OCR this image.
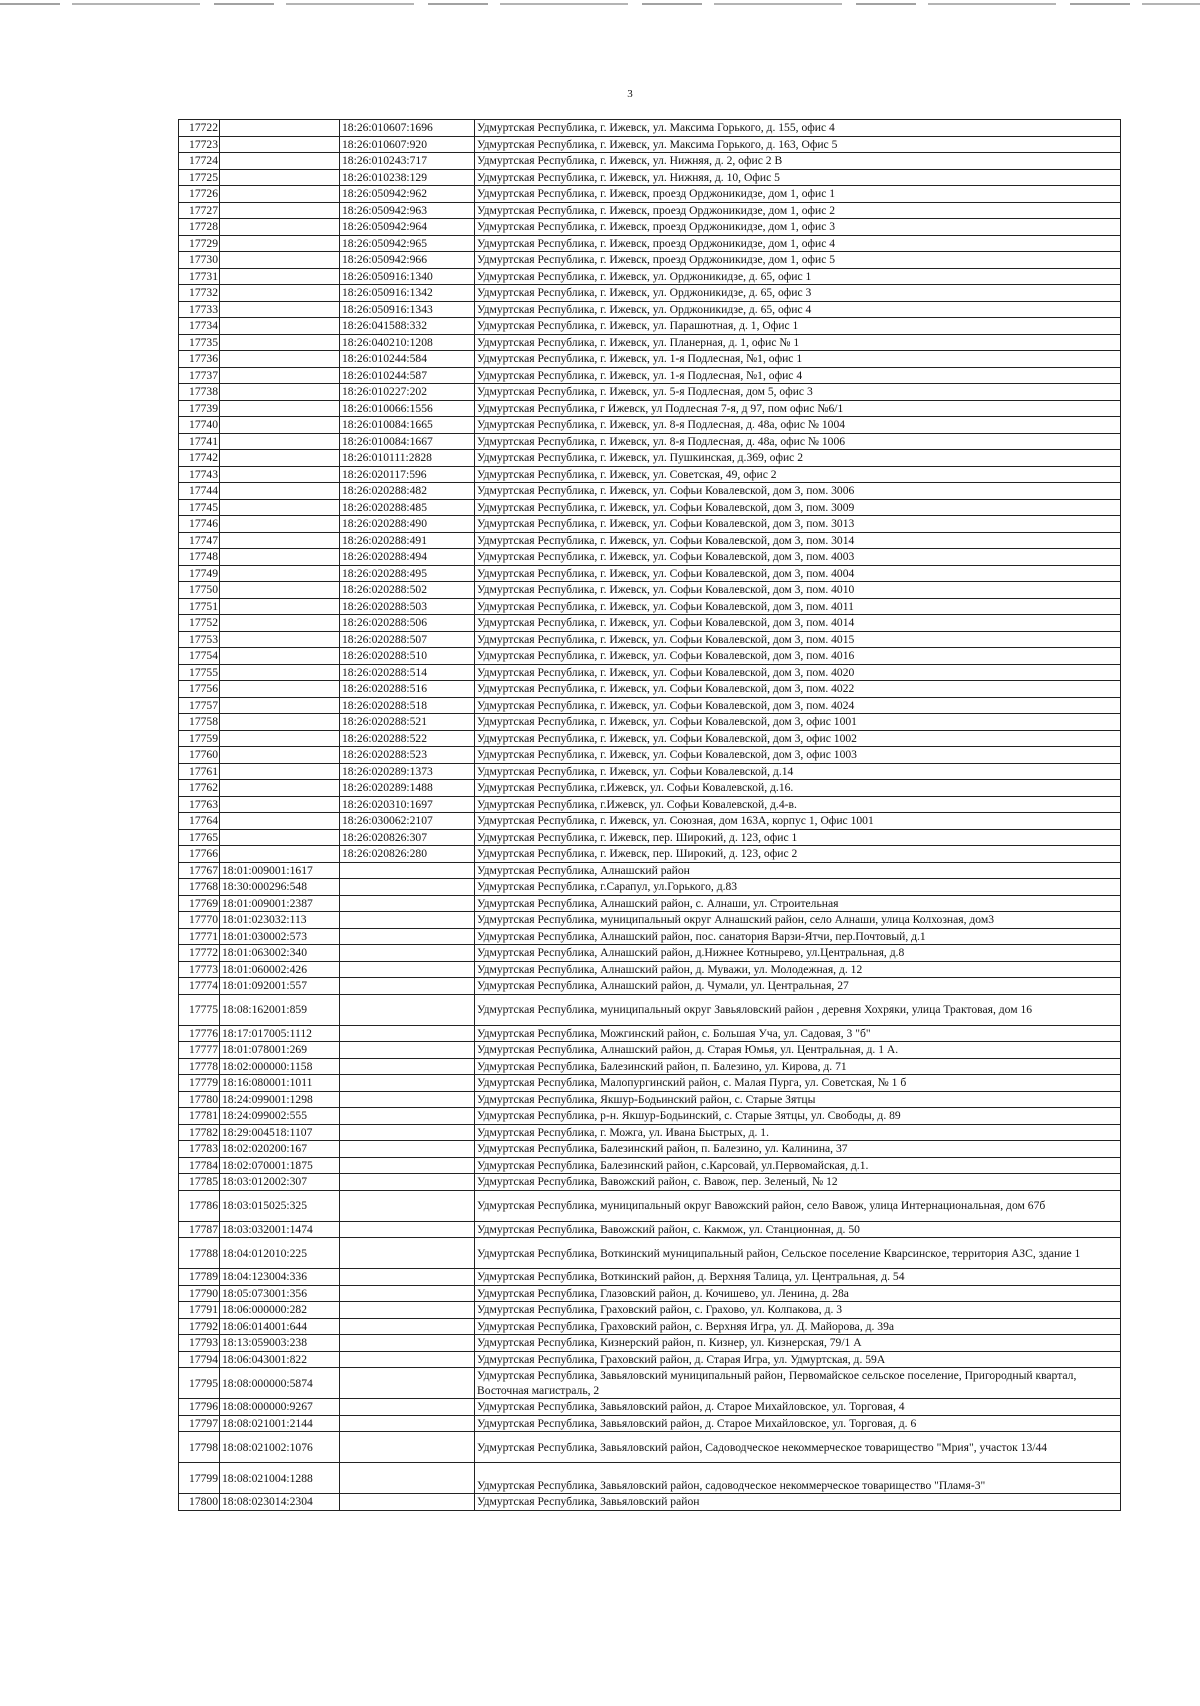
3
17722		18:26:010607:1696	Удмуртская Республика, г. Ижевск, ул. Максима Горького, д. 155, офис 4
17723		18:26:010607:920	Удмуртская Республика, г. Ижевск, ул. Максима Горького, д. 163, Офис 5
17724		18:26:010243:717	Удмуртская Республика, г. Ижевск, ул. Нижняя, д. 2, офис 2 В
17725		18:26:010238:129	Удмуртская Республика, г. Ижевск, ул. Нижняя, д. 10, Офис 5
17726		18:26:050942:962	Удмуртская Республика, г. Ижевск, проезд Орджоникидзе, дом 1, офис 1
17727		18:26:050942:963	Удмуртская Республика, г. Ижевск, проезд Орджоникидзе, дом 1, офис 2
17728		18:26:050942:964	Удмуртская Республика, г. Ижевск, проезд Орджоникидзе, дом 1, офис 3
17729		18:26:050942:965	Удмуртская Республика, г. Ижевск, проезд Орджоникидзе, дом 1, офис 4
17730		18:26:050942:966	Удмуртская Республика, г. Ижевск, проезд Орджоникидзе, дом 1, офис 5
17731		18:26:050916:1340	Удмуртская Республика, г. Ижевск, ул. Орджоникидзе, д. 65, офис 1
17732		18:26:050916:1342	Удмуртская Республика, г. Ижевск, ул. Орджоникидзе, д. 65, офис 3
17733		18:26:050916:1343	Удмуртская Республика, г. Ижевск, ул. Орджоникидзе, д. 65, офис 4
17734		18:26:041588:332	Удмуртская Республика, г. Ижевск, ул. Парашютная, д. 1, Офис 1
17735		18:26:040210:1208	Удмуртская Республика, г. Ижевск, ул. Планерная, д. 1, офис № 1
17736		18:26:010244:584	Удмуртская Республика, г. Ижевск, ул. 1-я Подлесная, №1, офис 1
17737		18:26:010244:587	Удмуртская Республика, г. Ижевск, ул. 1-я Подлесная, №1, офис 4
17738		18:26:010227:202	Удмуртская Республика, г. Ижевск, ул. 5-я Подлесная, дом 5, офис 3
17739		18:26:010066:1556	Удмуртская Республика, г Ижевск, ул Подлесная 7-я, д 97, пом офис №6/1
17740		18:26:010084:1665	Удмуртская Республика, г. Ижевск, ул. 8-я Подлесная, д. 48а, офис № 1004
17741		18:26:010084:1667	Удмуртская Республика, г. Ижевск, ул. 8-я Подлесная, д. 48а, офис № 1006
17742		18:26:010111:2828	Удмуртская Республика, г. Ижевск, ул. Пушкинская, д.369, офис 2
17743		18:26:020117:596	Удмуртская Республика, г. Ижевск, ул. Советская, 49, офис 2
17744		18:26:020288:482	Удмуртская Республика, г. Ижевск, ул. Софьи Ковалевской, дом 3, пом. 3006
17745		18:26:020288:485	Удмуртская Республика, г. Ижевск, ул. Софьи Ковалевской, дом 3, пом. 3009
17746		18:26:020288:490	Удмуртская Республика, г. Ижевск, ул. Софьи Ковалевской, дом 3, пом. 3013
17747		18:26:020288:491	Удмуртская Республика, г. Ижевск, ул. Софьи Ковалевской, дом 3, пом. 3014
17748		18:26:020288:494	Удмуртская Республика, г. Ижевск, ул. Софьи Ковалевской, дом 3, пом. 4003
17749		18:26:020288:495	Удмуртская Республика, г. Ижевск, ул. Софьи Ковалевской, дом 3, пом. 4004
17750		18:26:020288:502	Удмуртская Республика, г. Ижевск, ул. Софьи Ковалевской, дом 3, пом. 4010
17751		18:26:020288:503	Удмуртская Республика, г. Ижевск, ул. Софьи Ковалевской, дом 3, пом. 4011
17752		18:26:020288:506	Удмуртская Республика, г. Ижевск, ул. Софьи Ковалевской, дом 3, пом. 4014
17753		18:26:020288:507	Удмуртская Республика, г. Ижевск, ул. Софьи Ковалевской, дом 3, пом. 4015
17754		18:26:020288:510	Удмуртская Республика, г. Ижевск, ул. Софьи Ковалевской, дом 3, пом. 4016
17755		18:26:020288:514	Удмуртская Республика, г. Ижевск, ул. Софьи Ковалевской, дом 3, пом. 4020
17756		18:26:020288:516	Удмуртская Республика, г. Ижевск, ул. Софьи Ковалевской, дом 3, пом. 4022
17757		18:26:020288:518	Удмуртская Республика, г. Ижевск, ул. Софьи Ковалевской, дом 3, пом. 4024
17758		18:26:020288:521	Удмуртская Республика, г. Ижевск, ул. Софьи Ковалевской, дом 3, офис 1001
17759		18:26:020288:522	Удмуртская Республика, г. Ижевск, ул. Софьи Ковалевской, дом 3, офис 1002
17760		18:26:020288:523	Удмуртская Республика, г. Ижевск, ул. Софьи Ковалевской, дом 3, офис 1003
17761		18:26:020289:1373	Удмуртская Республика, г. Ижевск, ул. Софьи Ковалевской, д.14
17762		18:26:020289:1488	Удмуртская Республика, г.Ижевск, ул. Софьи Ковалевской, д.16.
17763		18:26:020310:1697	Удмуртская Республика, г.Ижевск, ул. Софьи Ковалевской, д.4-в.
17764		18:26:030062:2107	Удмуртская Республика, г. Ижевск, ул. Союзная, дом 163А, корпус 1, Офис 1001
17765		18:26:020826:307	Удмуртская Республика, г. Ижевск, пер. Широкий, д. 123, офис 1
17766		18:26:020826:280	Удмуртская Республика, г. Ижевск, пер. Широкий, д. 123, офис 2
17767	18:01:009001:1617		Удмуртская Республика, Алнашский район
17768	18:30:000296:548		Удмуртская Республика, г.Сарапул, ул.Горького, д.83
17769	18:01:009001:2387		Удмуртская Республика, Алнашский район, с. Алнаши, ул. Строительная
17770	18:01:023032:113		Удмуртская Республика, муниципальный округ Алнашский район, село Алнаши, улица Колхозная, дом3
17771	18:01:030002:573		Удмуртская Республика, Алнашский район, пос. санатория Варзи-Ятчи, пер.Почтовый, д.1
17772	18:01:063002:340		Удмуртская Республика, Алнашский район, д.Нижнее Котныре​во, ул.Центральная, д.8
17773	18:01:060002:426		Удмуртская Республика, Алнашский район, д. Муважи, ул. Молодежная, д. 12
17774	18:01:092001:557		Удмуртская Республика, Алнашский район, д. Чумали, ул. Центральная, 27
17775	18:08:162001:859		Удмуртская Республика, муниципальный округ Завьяловский район , деревня Хохряки, улица Трактовая, дом 16
17776	18:17:017005:1112		Удмуртская Республика, Можгинский район, с. Большая Уча, ул. Садовая, 3 "б"
17777	18:01:078001:269		Удмуртская Республика, Алнашский район, д. Старая Юмья, ул. Центральная, д. 1 А.
17778	18:02:000000:1158		Удмуртская Республика, Балезинский район, п. Балезино, ул. Кирова, д. 71
17779	18:16:080001:1011		Удмуртская Республика, Малопургинский район, с. Малая Пурга, ул. Советская, № 1 б
17780	18:24:099001:1298		Удмуртская Республика, Якшур-Бодьинский район, с. Старые Зятцы
17781	18:24:099002:555		Удмуртская Республика, р-н. Якшур-Бодьинский, с. Старые Зятцы, ул. Свободы, д. 89
17782	18:29:004518:1107		Удмуртская Республика, г. Можга, ул. Ивана Быстрых, д. 1.
17783	18:02:020200:167		Удмуртская Республика, Балезинский район, п. Балезино, ул. Калинина, 37
17784	18:02:070001:1875		Удмуртская Республика, Балезинский район, с.Карсовай, ул.Первомайская, д.1.
17785	18:03:012002:307		Удмуртская Республика, Вавожский район, с. Вавож, пер. Зеленый, № 12
17786	18:03:015025:325		Удмуртская Республика, муниципальный округ Вавожский район, село Вавож, улица Интернациональная, дом 67б
17787	18:03:032001:1474		Удмуртская Республика, Вавожский район, с. Какмож, ул. Станционная, д. 50
17788	18:04:012010:225		Удмуртская Республика, Воткинский муниципальный район, Сельское поселение Кварсинское, территория АЗС, здание 1
17789	18:04:123004:336		Удмуртская Республика, Воткинский район, д. Верхняя Талица, ул. Центральная, д. 54
17790	18:05:073001:356		Удмуртская Республика, Глазовский район, д. Кочишево, ул. Ленина, д. 28а
17791	18:06:000000:282		Удмуртская Республика, Граховский район, с. Грахово, ул. Колпакова, д. 3
17792	18:06:014001:644		Удмуртская Республика, Граховский район, с. Верхняя Игра, ул. Д. Майорова, д. 39а
17793	18:13:059003:238		Удмуртская Республика, Кизнерский район, п. Кизнер, ул. Кизнерская, 79/1 А
17794	18:06:043001:822		Удмуртская Республика, Граховский район, д. Старая Игра, ул. Удмуртская, д. 59А
17795	18:08:000000:5874		Удмуртская Республика, Завьяловский муниципальный район, Первомайское сельское поселение, Пригородный квартал, Восточная магистраль, 2
17796	18:08:000000:9267		Удмуртская Республика, Завьяловский район, д. Старое Михайловское, ул. Торговая, 4
17797	18:08:021001:2144		Удмуртская Республика, Завьяловский район, д. Старое Михайловское, ул. Торговая, д. 6
17798	18:08:021002:1076		Удмуртская Республика, Завьяловский район, Садоводческое некоммерческое товарищество "Мрия", участок 13/44
17799	18:08:021004:1288		Удмуртская Республика, Завьяловский район, садоводческое некоммерческое товарищество "Пламя-3"
17800	18:08:023014:2304		Удмуртская Республика, Завьяловский район
